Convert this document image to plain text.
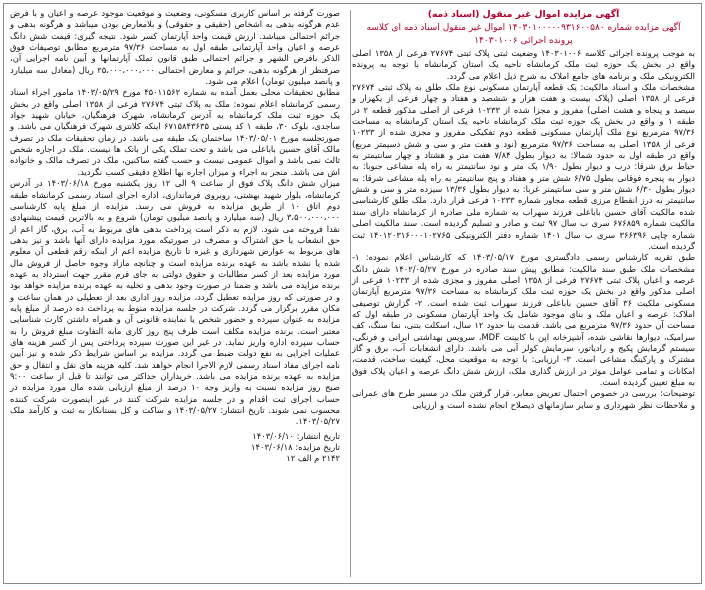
آگهی مزایده اموال غیر منقول (اسناد ذمه)
آگهی مزایده شماره ۱۴۰۳۰۱۰۰۰۰۰۹۳۱۶۰۰۵۸۰ اموال غیر منقول اسناد ذمه ای کلاسه
پرونده اجرائی ۱۴۰۳۰۱۰۰۶

به موجب پرونده اجرائی کلاسه ۱۴۰۳۰۱۰۰۶ وضعیت ثبتی پلاک ثبتی ۲۷۶۷۴ فرعی از ۱۳۵۸ اصلی واقع در بخش یک حوزه ثبت ملک کرمانشاه ناحیه یک استان کرمانشاه با توجه به پرونده الکترونیکی ملک و برنامه های جامع املاک به شرح ذیل اعلام می گردد.

مشخصات ملک و اسناد مالکیت: یک قطعه آپارتمان مسکونی نوع ملک طلق به پلاک ثبتی ۲۷۶۷۴ فرعی از ۱۳۵۸ اصلی (پلاک بیست و هفت هزار و ششصد و هفتاد و چهار فرعی از یکهزار و سیصد و پنجاه و هشت اصلی) مفروز و مجزا شده از ۱۰۲۳۳ فرعی از اصلی مذکور قطعه ۲ در طبقه ۱ و واقع در بخش یک حوزه ثبت ملک کرمانشاه ناحیه یک استان کرمانشاه به مساحت ۹۷/۳۶ مترمربع نوع ملک آپارتمان مسکونی قطعه دوم تفکیکی مفروز و مجزی شده از ۱۰۲۳۳ فرعی از ۱۳۵۸ اصلی به مساحت ۹۷/۳۶ مترمربع (نود و هفت متر و سی و شش دسیمتر مربع) واقع در طبقه اول به حدود شمالا: به دیوار بطول ۷/۸۴ هفت متر و هشتاد و چهار سانتیمتر به حیاط برق شرقا: درب و دیوار بطول ۱/۹۰ یک متر و نود سانتیمتر به راه پله مشاعی جنوبا: به دیوار به پنجره فوقانی بطول ۶/۷۵ شش متر و هفتاد و پنج سانتیمتر به راه پله مشاعی شرقا: به دیوار بطول ۶/۳۰ شش متر و سی سانتیمتر غربا: به دیوار بطول ۱۳/۳۶ سیزده متر و سی و شش سانتیمتر به درز انقطاع مرزی قطعه مجاور شماره ۱۰۲۳۳ فرعی قرار دارد. ملک طلق کارشناسی شده مالکیت آقای حسین باباعلی فرزند سهراب به شماره ملی صادره از کرمانشاه دارای سند مالکیت شماره ۶۷۶۸۵۹ سری ب سال ۹۷ ثبت و صادر و تسلیم گردیده است. سند مالکیت اصلی شماره چاپی ۳۶۶۳۹۶ سری ب سال ۱۴۰۱ شماره دفتر الکترونیکی ۱۴۰۱۲۰۳۱۶۰۰۰۱۰۲۷۶۵ ثبت گردیده است.

طبق تقریه کارشناس رسمی دادگستری مورخ ۱۴۰۳/۰۵/۱۷ که کارشناس اعلام نموده: ۱- مشخصات ملک طبق سند مالکیت: مطابق پیش سند صادره در مورخ ۱۴۰۲/۰۵/۲۷ شش دانگ عرصه و اعیان پلاک ثبتی ۲۷۶۷۴ فرعی از ۱۳۵۸ اصلی مفروز و مجزی شده از ۱۰۲۳۳ فرعی از اصلی مذکور واقع در بخش یک حوزه ثبت ملک کرمانشاه به مساحت ۹۷/۳۶ مترمربع آپارتمان مسکونی ملکیت ۳۶ آقای حسین باباعلی فرزند سهراب ثبت شده است. ۲- گزارش توصیفی املاک: عرصه و اعیان ملک و بنای موجود شامل یک واحد آپارتمان مسکونی در طبقه اول که مساحت آن حدود ۹۷/۳۶ مترمربع می باشد. قدمت بنا حدود ۱۲ سال، اسکلت بتنی، نما سنگ، کف سرامیک، دیوارها نقاشی شده، آشپزخانه اپن با کابینت MDF، سرویس بهداشتی ایرانی و فرنگی، سیستم گرمایش پکیج و رادیاتور، سرمایش کولر آبی می باشد. دارای انشعابات آب، برق و گاز مشترک و پارکینگ مشاعی است. ۳- ارزیابی: با توجه به موقعیت محل، کیفیت ساخت، قدمت، امکانات و تمامی عوامل موثر در ارزش گذاری ملک، ارزش شش دانگ عرصه و اعیان پلاک فوق به مبلغ تعیین گردیده است.

توضیحات: بررسی در خصوص احتمال تعریض معابر، قرار گرفتن ملک در مسیر طرح های عمرانی و ملاحظات نظر شهرداری و سایر سازمانهای ذیصلاح انجام نشده است و ارزیابی

صورت گرفته بر اساس کاربری مسکونی، وضعیت و موقعیت موجود عرصه و اعیان و با فرض عدم هرگونه بدهی به اشخاص (حقیقی و حقوقی) و بلامعارض بودن میباشد و هرگونه بدهی و جرائم احتمالی میباشد. ارزش قیمت واحد آپارتمان کسر شود. نتیجه گیری: قیمت شش دانگ عرصه و اعیان واحد آپارتمانی طبقه اول به مساحت ۹۷/۳۶ مترمربع مطابق توصیفات فوق الذکر بافرض الشهر و جرائم احتمالی طبق قانون تملک آپارتمانها و آیین نامه اجرایی آن، صرفنظر از هرگونه بدهی، جرائم و معارض احتمالی ۲۵،۰۰۰،۰۰۰،۰۰۰ ریال (معادل سه میلیارد و پانصد میلیون تومان) اعلام می شود.

مطابق تحقیقات محلی بعمل آمده به شماره ۴۵۰۱۱۵۶۲ مورخ ۱۴۰۳/۰۵/۲۹ مامور اجراء اسناد رسمی کرمانشاه اعلام نموده: ملک به پلاک ثبتی ۲۷۶۷۴ فرعی از ۱۳۵۸ اصلی واقع در بخش یک حوزه ثبت ملک کرمانشاه به آدرس کرمانشاه، شهرک فرهنگیان، خیابان شهید جواد ساجدی، بلوک ۳۰، طبقه ۱ کد پستی ۶۷۱۵۸۴۳۶۳۵ اینکه کلانتری شهرک فرهنگیان می باشد. و صورتجلسه مورخ ۱۴۰۳/۰۵/۰۱ ساختمان یک طبقه می باشد. در زمان تحقیقات ملک در تصرف مالک آقای حسین باباعلی می باشد و تحت تملک یکی از بانک ها نیست. ملک در اجاره شخص ثالث نمی باشد و اموال عمومی نیست و حسب گفته ساکنین، ملک در تصرف مالک و خانواده اش می باشد. منجر به اجراء و میزان اجاره بها اطلاع دقیقی کسب نگردید.

میزان شش دانگ پلاک فوق از ساعت ۹ الی ۱۲ روز یکشنبه مورخ ۱۴۰۳/۰۶/۱۸ در آدرس کرمانشاه، بلوار شهید بهشتی، روبروی فرمانداری، اداره اجرای اسناد رسمی کرمانشاه طبقه دوم اتاق ۱۰ از طریق مزایده به فروش می رسد. مزایده از مبلغ پایه کارشناسی ۳،۵۰۰،۰۰۰،۰۰۰ ریال (سه میلیارد و پانصد میلیون تومان) شروع و به بالاترین قیمت پیشنهادی نقدا فروخته می شود. لازم به ذکر است پرداخت بدهی های مربوط به آب، برق، گاز اعم از حق انشعاب یا حق اشتراک و مصرف در صورتیکه مورد مزایده دارای آنها باشد و نیز بدهی های مربوط به عوارض شهرداری و غیره تا تاریخ مزایده اعم از اینکه رقم قطعی آن معلوم شده یا نشده باشد به عهده برنده مزایده است و چنانچه مازاد وجوه حاصل از فروش مال مورد مزایده بعد از کسر مطالبات و حقوق دولتی به جای فرم مقرر جهت استرداد به عهده برنده مزایده می باشد و ضمنا در صورت وجود بدهی و تخلیه به عهده برنده مزایده خواهد بود و در صورتی که روز مزایده تعطیل گردد، مزایده روز اداری بعد از تعطیلی در همان ساعت و مکان مقرر برگزار می گردد. شرکت در جلسه مزایده منوط به پرداخت ده درصد از مبلغ پایه مزایده به عنوان سپرده و حضور شخص یا نماینده قانونی آن و همراه داشتن کارت شناسایی معتبر است. برنده مزایده مکلف است ظرف پنج روز کاری مابه التفاوت مبلغ فروش را به حساب سپرده اداره واریز نماید. در غیر این صورت سپرده پرداختی پس از کسر هزینه های عملیات اجرایی به نفع دولت ضبط می گردد. مزایده بر اساس شرایط ذکر شده و نیز آیین نامه اجرای مفاد اسناد رسمی لازم الاجرا انجام خواهد شد. کلیه هزینه های نقل و انتقال و حق مزایده به عهده برنده مزایده می باشد. خریداران حداکثر می توانند تا قبل از ساعت ۹:۰۰ صبح روز مزایده نسبت به واریز وجه ۱۰ درصد از مبلغ ارزیابی شده مال مورد مزایده در حساب اجرای ثبت اقدام و در جلسه مزایده شرکت کنند در غیر اینصورت شرکت کننده محسوب نمی شوند. تاریخ انتشار: ۱۴۰۳/۰۵/۲۷ و ساکت و کل بستانکار به ثبت و کارآمد ملک ۱۴۰۳/۰۵/۲۷.

تاریخ انتشار: ۱۴۰۳/۰۶/۱۰
تاریخ مزایده: ۱۴۰۳/۰۶/۱۸
۲۱۴۲ م الف ۱۲
